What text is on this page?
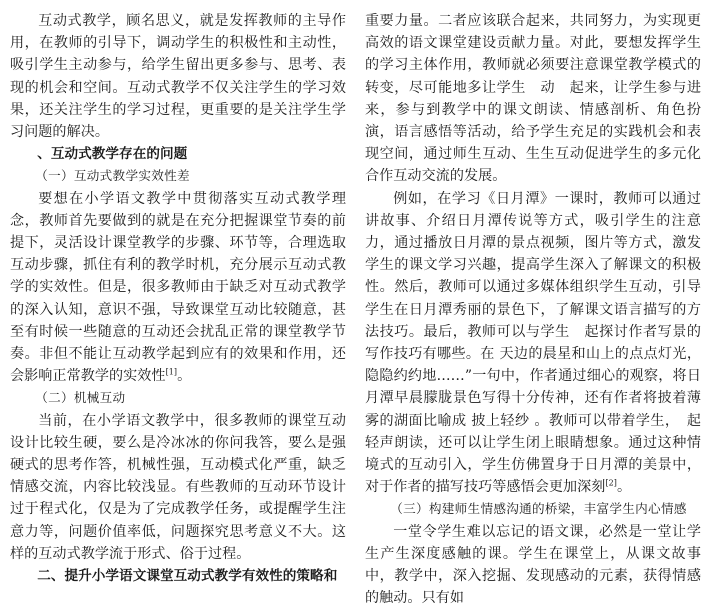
互动式教学，顾名思义，就是发挥教师的主导作用，在教师的引导下，调动学生的积极性和主动性，吸引学生主动参与，给学生留出更多参与、思考、表现的机会和空间。互动式教学不仅关注学生的学习效果，还关注学生的学习过程，更重要的是关注学生学习问题的解决。

、互动式教学存在的问题

（一）互动式教学实效性差

要想在小学语文教学中贯彻落实互动式教学理念，教师首先要做到的就是在充分把握课堂节奏的前提下，灵活设计课堂教学的步骤、环节等，合理选取互动步骤，抓住有利的教学时机，充分展示互动式教学的实效性。但是，很多教师由于缺乏对互动式教学的深入认知，意识不强，导致课堂互动比较随意，甚至有时候一些随意的互动还会扰乱正常的课堂教学节奏。非但不能让互动教学起到应有的效果和作用，还会影响正常教学的实效性[1]。

（二）机械互动

当前，在小学语文教学中，很多教师的课堂互动设计比较生硬，要么是冷冰冰的你问我答，要么是强硬式的思考作答，机械性强，互动模式化严重，缺乏情感交流，内容比较浅显。有些教师的互动环节设计过于程式化，仅是为了完成教学任务，或提醒学生注意力等，问题价值率低，问题探究思考意义不大。这样的互动式教学流于形式、俗于过程。

二、提升小学语文课堂互动式教学有效性的策略和

重要力量。二者应该联合起来，共同努力，为实现更高效的语文课堂建设贡献力量。对此，要想发挥学生的学习主体作用，教师就必须要注意课堂教学模式的转变，尽可能地多让学生　动　起来，让学生参与进来，参与到教学中的课文朗读、情感剖析、角色扮演，语言感悟等活动，给予学生充足的实践机会和表现空间，通过师生互动、生生互动促进学生的多元化合作互动交流的发展。

例如，在学习《日月潭》一课时，教师可以通过讲故事、介绍日月潭传说等方式，吸引学生的注意力，通过播放日月潭的景点视频，图片等方式，激发学生的课文学习兴趣，提高学生深入了解课文的积极性。然后，教师可以通过多媒体组织学生互动，引导学生在日月潭秀丽的景色下，了解课文语言描写的方法技巧。最后，教师可以与学生　起探讨作者写景的写作技巧有哪些。在 天边的晨星和山上的点点灯光，隐隐约约地……”一句中，作者通过细心的观察，将日月潭早晨朦胧景色写得十分传神，还有作者将披着薄雾的湖面比喻成 披上轻纱 。教师可以带着学生，　起轻声朗读，还可以让学生闭上眼睛想象。通过这种情境式的互动引入，学生仿佛置身于日月潭的美景中，对于作者的描写技巧等感悟会更加深刻[2]。

（三）构建师生情感沟通的桥梁，丰富学生内心情感

一堂令学生难以忘记的语文课，必然是一堂让学生产生深度感触的课。学生在课堂上，从课文故事中，教学中，深入挖掘、发现感动的元素，获得情感的触动。只有如
